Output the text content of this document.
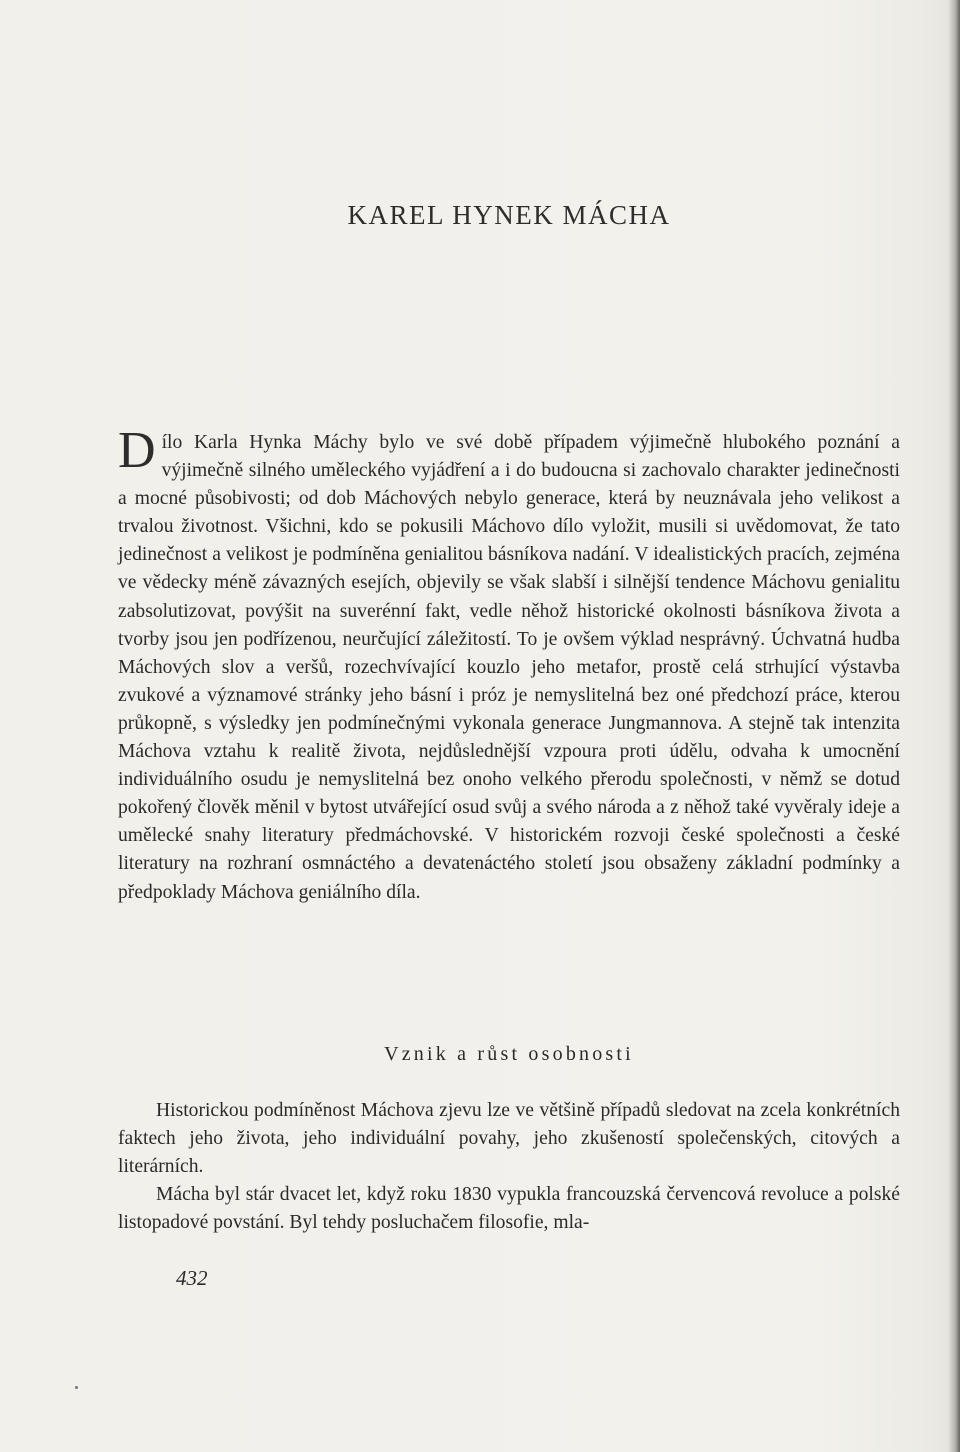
KAREL HYNEK MÁCHA

Dílo Karla Hynka Máchy bylo ve své době případem výjimečně hlubokého poznání a výjimečně silného uměleckého vyjádření a i do budoucna si zachovalo charakter jedinečnosti a mocné působivosti; od dob Máchových nebylo generace, která by neuznávala jeho velikost a trvalou životnost. Všichni, kdo se pokusili Máchovo dílo vyložit, musili si uvědomovat, že tato jedinečnost a velikost je podmíněna genialitou básníkova nadání. V idealistických pracích, zejména ve vědecky méně závazných esejích, objevily se však slabší i silnější tendence Máchovu genialitu zabsolutizovat, povýšit na suverénní fakt, vedle něhož historické okolnosti básníkova života a tvorby jsou jen podřízenou, neurčující záležitostí. To je ovšem výklad nesprávný. Úchvatná hudba Máchových slov a veršů, rozechvívající kouzlo jeho metafor, prostě celá strhující výstavba zvukové a významové stránky jeho básní i próz je nemyslitelná bez oné předchozí práce, kterou průkopně, s výsledky jen podmínečnými vykonala generace Jungmannova. A stejně tak intenzita Máchova vztahu k realitě života, nejdůslednější vzpoura proti údělu, odvaha k umocnění individuálního osudu je nemyslitelná bez onoho velkého přerodu společnosti, v němž se dotud pokořený člověk měnil v bytost utvářející osud svůj a svého národa a z něhož také vyvěraly ideje a umělecké snahy literatury předmáchovské. V historickém rozvoji české společnosti a české literatury na rozhraní osmnáctého a devatenáctého století jsou obsaženy základní podmínky a předpoklady Máchova geniálního díla.

Vznik a růst osobnosti

Historickou podmíněnost Máchova zjevu lze ve většině případů sledovat na zcela konkrétních faktech jeho života, jeho individuální povahy, jeho zkušeností společenských, citových a literárních.

Mácha byl stár dvacet let, když roku 1830 vypukla francouzská červencová revoluce a polské listopadové povstání. Byl tehdy posluchačem filosofie, mla-

432
